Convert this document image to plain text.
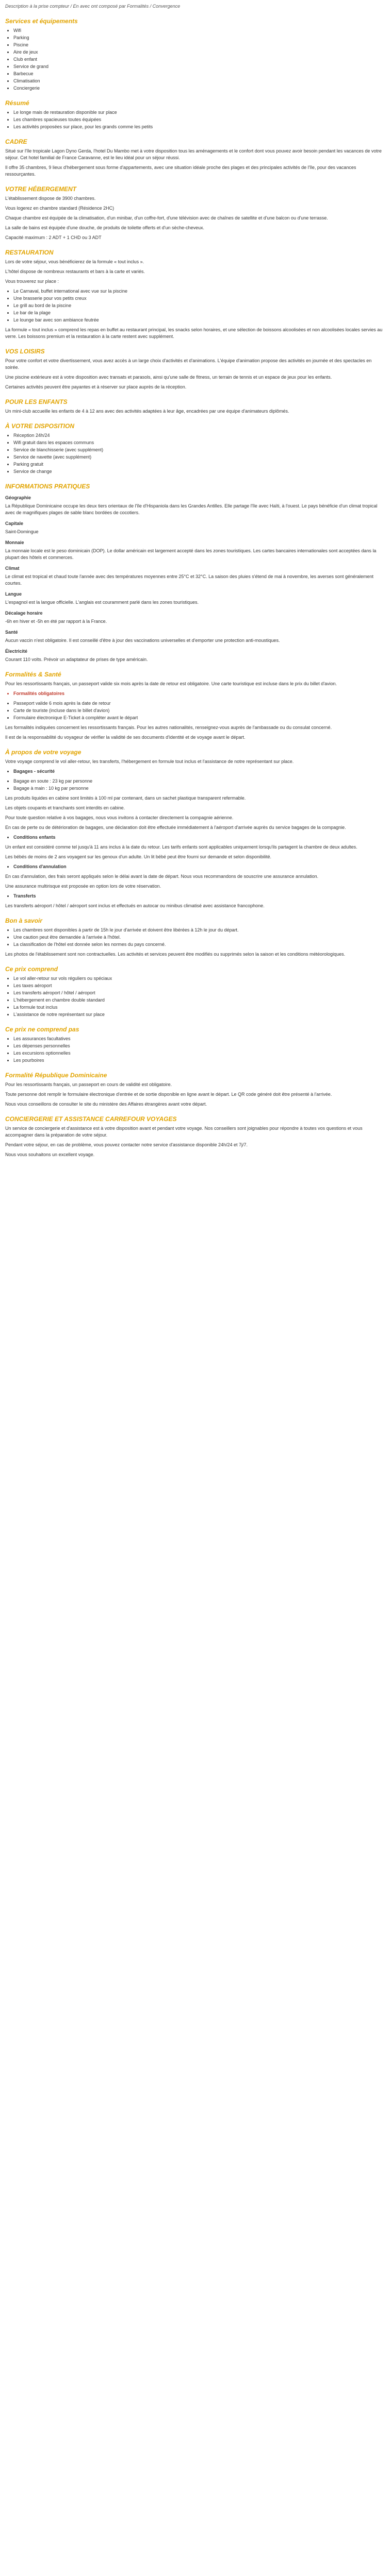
Description à la prise compteur / En avec ont composé par Formalités / Convergence

Services et équipements
• Wifi
• Parking
• Piscine
• Aire de jeux
• Club enfant
• Service de grand
• Barbecue
• Climatisation
• Conciergerie
Résumé
• Le longe mais de restauration disponible sur place
• Les chambres spacieuses toutes équipées
• Les activités proposées sur place, pour les grands comme les petits
CADRE

Situé sur l'île tropicale Lagon Dyno Gerda, l'hotel Du Mambo met à votre disposition tous les aménagements et le confort dont vous pouvez avoir besoin pendant les vacances de votre séjour. Cet hotel familial de France Caravanne, est le lieu idéal pour un séjour réussi.

Il offre 35 chambres, 9 lieux d'hébergement sous forme d'appartements, avec une situation idéale proche des plages et des principales activités de l'île, pour des vacances ressourçantes.

VOTRE HÉBERGEMENT

L'établissement dispose de 3900 chambres.

Vous logerez en chambre standard (Résidence 2HC)

Chaque chambre est équipée de la climatisation, d'un minibar, d'un coffre-fort, d'une télévision avec de chaînes de satellite et d'une balcon ou d'une terrasse.

La salle de bains est équipée d'une douche, de produits de toilette offerts et d'un sèche-cheveux.

Capacité maximum : 2 ADT + 1 CHD ou 3 ADT

RESTAURATION

Lors de votre séjour, vous bénéficierez de la formule « tout inclus ».

L'hôtel dispose de nombreux restaurants et bars à la carte et variés.

Vous trouverez sur place :

• Le Carnaval, buffet international avec vue sur la piscine
• Une brasserie pour vos petits creux
• Le grill au bord de la piscine
• Le bar de la plage
• Le lounge bar avec son ambiance feutrée

La formule « tout inclus » comprend les repas en buffet au restaurant principal, les snacks selon horaires, et une sélection de boissons alcoolisées et non alcoolisées locales servies au verre. Les boissons premium et la restauration à la carte restent avec supplément.

VOS LOISIRS

Pour votre confort et votre divertissement, vous avez accès à un large choix d'activités et d'animations. L'équipe d'animation propose des activités en journée et des spectacles en soirée.

Une piscine extérieure est à votre disposition avec transats et parasols, ainsi qu'une salle de fitness, un terrain de tennis et un espace de jeux pour les enfants.

Certaines activités peuvent être payantes et à réserver sur place auprès de la réception.

POUR LES ENFANTS

Un mini-club accueille les enfants de 4 à 12 ans avec des activités adaptées à leur âge, encadrées par une équipe d'animateurs diplômés.

À VOTRE DISPOSITION
• Réception 24h/24
• Wifi gratuit dans les espaces communs
• Service de blanchisserie (avec supplément)
• Service de navette (avec supplément)
• Parking gratuit
• Service de change
INFORMATIONS PRATIQUES
Géographie

La République Dominicaine occupe les deux tiers orientaux de l'île d'Hispaniola dans les Grandes Antilles. Elle partage l'île avec Haïti, à l'ouest. Le pays bénéficie d'un climat tropical avec de magnifiques plages de sable blanc bordées de cocotiers.

Capitale

Saint-Domingue

Monnaie

La monnaie locale est le peso dominicain (DOP). Le dollar américain est largement accepté dans les zones touristiques. Les cartes bancaires internationales sont acceptées dans la plupart des hôtels et commerces.

Climat

Le climat est tropical et chaud toute l'année avec des températures moyennes entre 25°C et 32°C. La saison des pluies s'étend de mai à novembre, les averses sont généralement courtes.

Langue

L'espagnol est la langue officielle. L'anglais est couramment parlé dans les zones touristiques.

Décalage horaire

-6h en hiver et -5h en été par rapport à la France.

Santé

Aucun vaccin n'est obligatoire. Il est conseillé d'être à jour des vaccinations universelles et d'emporter une protection anti-moustiques.

Électricité

Courant 110 volts. Prévoir un adaptateur de prises de type américain.

Formalités & Santé

Pour les ressortissants français, un passeport valide six mois après la date de retour est obligatoire. Une carte touristique est incluse dans le prix du billet d'avion.

• Formalités obligatoires
• Passeport valide 6 mois après la date de retour
• Carte de touriste (incluse dans le billet d'avion)
• Formulaire électronique E-Ticket à compléter avant le départ

Les formalités indiquées concernent les ressortissants français. Pour les autres nationalités, renseignez-vous auprès de l'ambassade ou du consulat concerné.

Il est de la responsabilité du voyageur de vérifier la validité de ses documents d'identité et de voyage avant le départ.

À propos de votre voyage

Votre voyage comprend le vol aller-retour, les transferts, l'hébergement en formule tout inclus et l'assistance de notre représentant sur place.

• Bagages - sécurité
• Bagage en soute : 23 kg par personne
• Bagage à main : 10 kg par personne

Les produits liquides en cabine sont limités à 100 ml par contenant, dans un sachet plastique transparent refermable.

Les objets coupants et tranchants sont interdits en cabine.

Pour toute question relative à vos bagages, nous vous invitons à contacter directement la compagnie aérienne.

En cas de perte ou de détérioration de bagages, une déclaration doit être effectuée immédiatement à l'aéroport d'arrivée auprès du service bagages de la compagnie.

• Conditions enfants

Un enfant est considéré comme tel jusqu'à 11 ans inclus à la date du retour. Les tarifs enfants sont applicables uniquement lorsqu'ils partagent la chambre de deux adultes.

Les bébés de moins de 2 ans voyagent sur les genoux d'un adulte. Un lit bébé peut être fourni sur demande et selon disponibilité.

• Conditions d'annulation

En cas d'annulation, des frais seront appliqués selon le délai avant la date de départ. Nous vous recommandons de souscrire une assurance annulation.

Une assurance multirisque est proposée en option lors de votre réservation.

• Transferts

Les transferts aéroport / hôtel / aéroport sont inclus et effectués en autocar ou minibus climatisé avec assistance francophone.

Bon à savoir
• Les chambres sont disponibles à partir de 15h le jour d'arrivée et doivent être libérées à 12h le jour du départ.
• Une caution peut être demandée à l'arrivée à l'hôtel.
• La classification de l'hôtel est donnée selon les normes du pays concerné.

Les photos de l'établissement sont non contractuelles. Les activités et services peuvent être modifiés ou supprimés selon la saison et les conditions météorologiques.

Ce prix comprend
• Le vol aller-retour sur vols réguliers ou spéciaux
• Les taxes aéroport
• Les transferts aéroport / hôtel / aéroport
• L'hébergement en chambre double standard
• La formule tout inclus
• L'assistance de notre représentant sur place
Ce prix ne comprend pas
• Les assurances facultatives
• Les dépenses personnelles
• Les excursions optionnelles
• Les pourboires
Formalité République Dominicaine

Pour les ressortissants français, un passeport en cours de validité est obligatoire.

Toute personne doit remplir le formulaire électronique d'entrée et de sortie disponible en ligne avant le départ. Le QR code généré doit être présenté à l'arrivée.

Nous vous conseillons de consulter le site du ministère des Affaires étrangères avant votre départ.

CONCIERGERIE ET ASSISTANCE CARREFOUR VOYAGES

Un service de conciergerie et d'assistance est à votre disposition avant et pendant votre voyage. Nos conseillers sont joignables pour répondre à toutes vos questions et vous accompagner dans la préparation de votre séjour.

Pendant votre séjour, en cas de problème, vous pouvez contacter notre service d'assistance disponible 24h/24 et 7j/7.

Nous vous souhaitons un excellent voyage.
